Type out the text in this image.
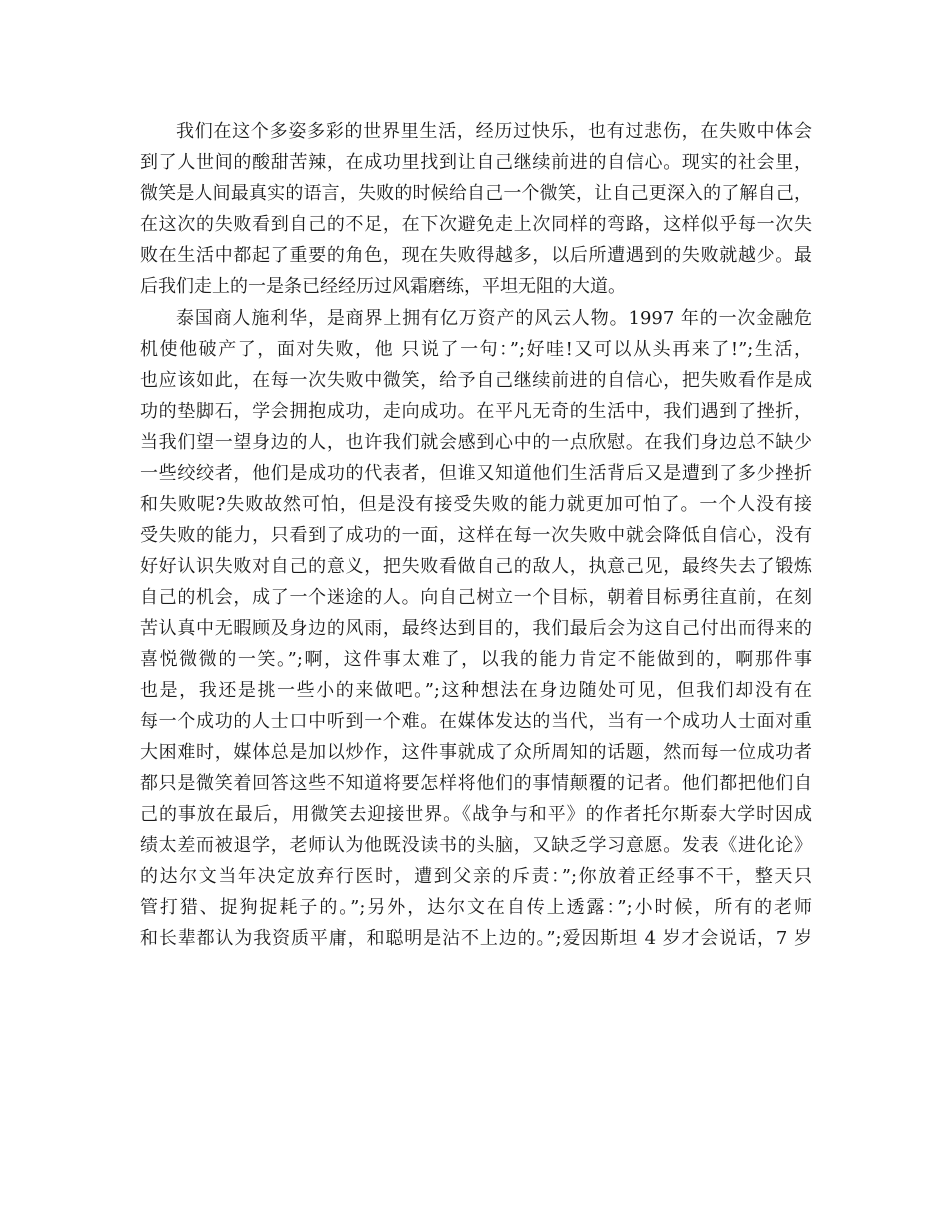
我们在这个多姿多彩的世界里生活，经历过快乐，也有过悲伤，在失败中体会

到了人世间的酸甜苦辣，在成功里找到让自己继续前进的自信心。现实的社会里，

微笑是人间最真实的语言，失败的时候给自己一个微笑，让自己更深入的了解自己，

在这次的失败看到自己的不足，在下次避免走上次同样的弯路，这样似乎每一次失

败在生活中都起了重要的角色，现在失败得越多，以后所遭遇到的失败就越少。最

后我们走上的一是条已经经历过风霜磨练，平坦无阻的大道。

泰国商人施利华，是商界上拥有亿万资产的风云人物。1997 年的一次金融危

机使他破产了，面对失败，他 只说了一句：”;好哇!又可以从头再来了!”;生活，

也应该如此，在每一次失败中微笑，给予自己继续前进的自信心，把失败看作是成

功的垫脚石，学会拥抱成功，走向成功。在平凡无奇的生活中，我们遇到了挫折，

当我们望一望身边的人，也许我们就会感到心中的一点欣慰。在我们身边总不缺少

一些绞绞者，他们是成功的代表者，但谁又知道他们生活背后又是遭到了多少挫折

和失败呢?失败故然可怕，但是没有接受失败的能力就更加可怕了。一个人没有接

受失败的能力，只看到了成功的一面，这样在每一次失败中就会降低自信心，没有

好好认识失败对自己的意义，把失败看做自己的敌人，执意己见，最终失去了锻炼

自己的机会，成了一个迷途的人。向自己树立一个目标，朝着目标勇往直前，在刻

苦认真中无暇顾及身边的风雨，最终达到目的，我们最后会为这自己付出而得来的

喜悦微微的一笑。”;啊，这件事太难了，以我的能力肯定不能做到的，啊那件事

也是，我还是挑一些小的来做吧。”;这种想法在身边随处可见，但我们却没有在

每一个成功的人士口中听到一个难。在媒体发达的当代，当有一个成功人士面对重

大困难时，媒体总是加以炒作，这件事就成了众所周知的话题，然而每一位成功者

都只是微笑着回答这些不知道将要怎样将他们的事情颠覆的记者。他们都把他们自

己的事放在最后，用微笑去迎接世界。《战争与和平》的作者托尔斯泰大学时因成

绩太差而被退学，老师认为他既没读书的头脑，又缺乏学习意愿。发表《进化论》

的达尔文当年决定放弃行医时，遭到父亲的斥责：”;你放着正经事不干，整天只

管打猎、捉狗捉耗子的。”;另外，达尔文在自传上透露：”;小时候，所有的老师

和长辈都认为我资质平庸，和聪明是沾不上边的。”;爱因斯坦 4 岁才会说话，7 岁
